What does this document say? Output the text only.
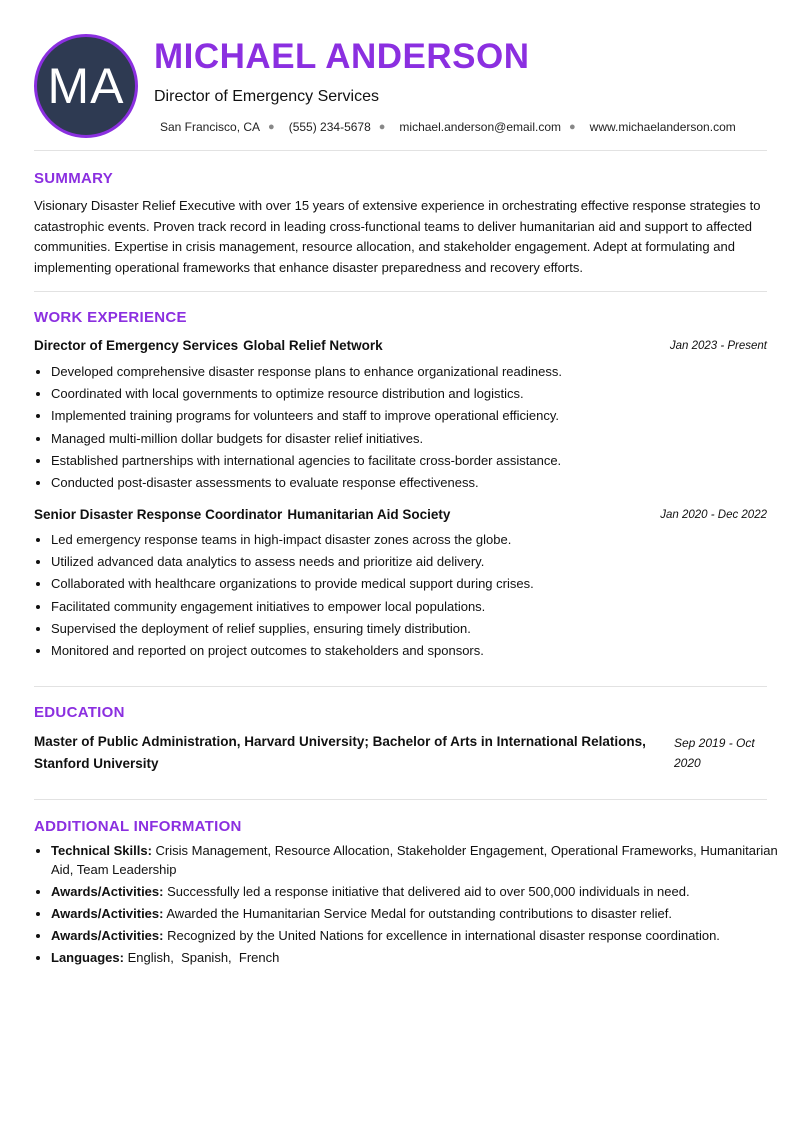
MA
MICHAEL ANDERSON
Director of Emergency Services
San Francisco, CA ● (555) 234-5678 ● michael.anderson@email.com ● www.michaelanderson.com
SUMMARY
Visionary Disaster Relief Executive with over 15 years of extensive experience in orchestrating effective response strategies to catastrophic events. Proven track record in leading cross-functional teams to deliver humanitarian aid and support to affected communities. Expertise in crisis management, resource allocation, and stakeholder engagement. Adept at formulating and implementing operational frameworks that enhance disaster preparedness and recovery efforts.
WORK EXPERIENCE
Director of Emergency Services Global Relief Network	Jan 2023 - Present
• Developed comprehensive disaster response plans to enhance organizational readiness.
• Coordinated with local governments to optimize resource distribution and logistics.
• Implemented training programs for volunteers and staff to improve operational efficiency.
• Managed multi-million dollar budgets for disaster relief initiatives.
• Established partnerships with international agencies to facilitate cross-border assistance.
• Conducted post-disaster assessments to evaluate response effectiveness.
Senior Disaster Response Coordinator Humanitarian Aid Society	Jan 2020 - Dec 2022
• Led emergency response teams in high-impact disaster zones across the globe.
• Utilized advanced data analytics to assess needs and prioritize aid delivery.
• Collaborated with healthcare organizations to provide medical support during crises.
• Facilitated community engagement initiatives to empower local populations.
• Supervised the deployment of relief supplies, ensuring timely distribution.
• Monitored and reported on project outcomes to stakeholders and sponsors.
EDUCATION
Master of Public Administration, Harvard University; Bachelor of Arts in International Relations, Stanford University
Sep 2019 - Oct 2020
ADDITIONAL INFORMATION
• Technical Skills: Crisis Management, Resource Allocation, Stakeholder Engagement, Operational Frameworks, Humanitarian Aid, Team Leadership
• Awards/Activities: Successfully led a response initiative that delivered aid to over 500,000 individuals in need.
• Awards/Activities: Awarded the Humanitarian Service Medal for outstanding contributions to disaster relief.
• Awards/Activities: Recognized by the United Nations for excellence in international disaster response coordination.
• Languages: English,  Spanish,  French
